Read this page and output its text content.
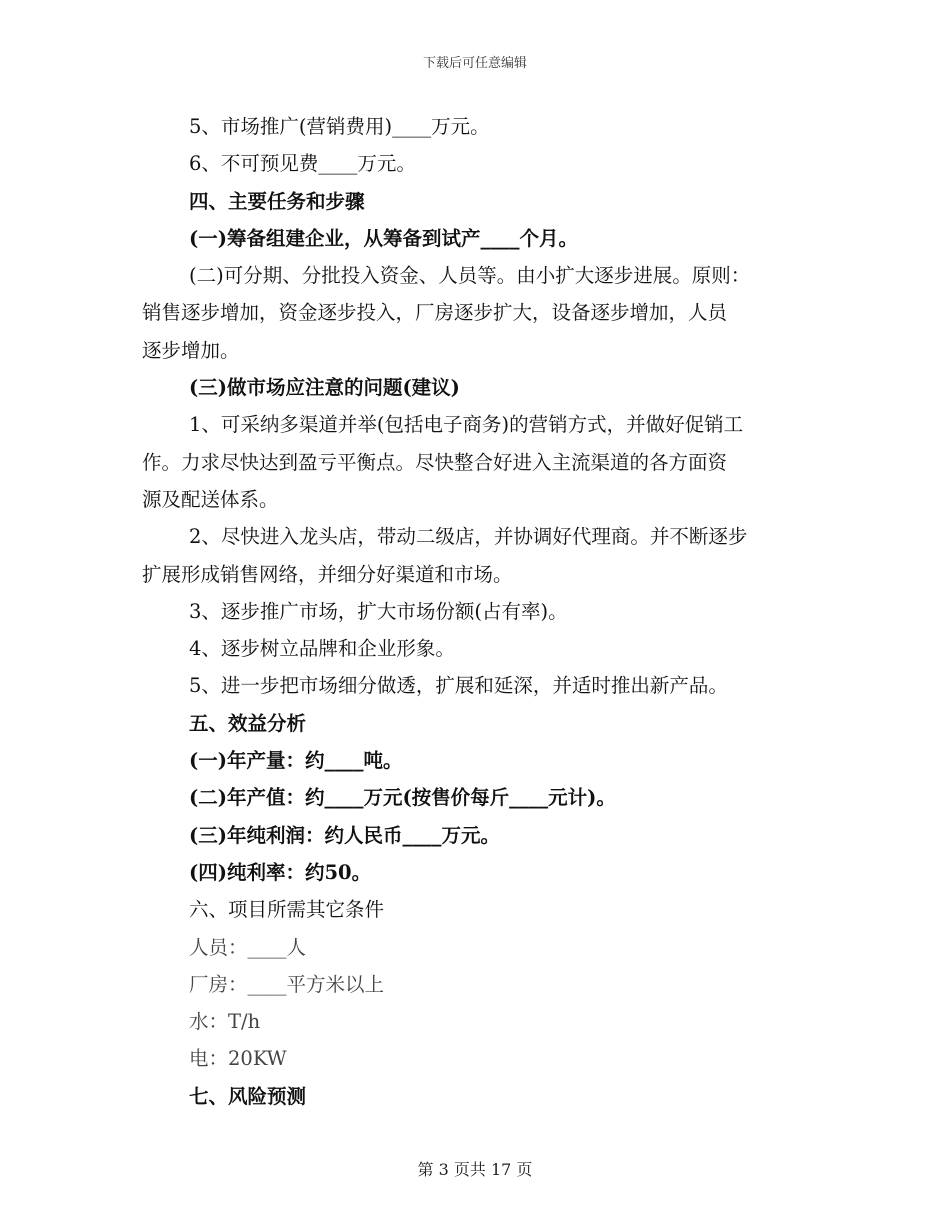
下载后可任意编辑
5、市场推广(营销费用)____万元。
6、不可预见费____万元。
四、主要任务和步骤
(一)筹备组建企业，从筹备到试产____个月。
(二)可分期、分批投入资金、人员等。由小扩大逐步进展。原则：
销售逐步增加，资金逐步投入，厂房逐步扩大，设备逐步增加，人员
逐步增加。
(三)做市场应注意的问题(建议)
1、可采纳多渠道并举(包括电子商务)的营销方式，并做好促销工
作。力求尽快达到盈亏平衡点。尽快整合好进入主流渠道的各方面资
源及配送体系。
2、尽快进入龙头店，带动二级店，并协调好代理商。并不断逐步
扩展形成销售网络，并细分好渠道和市场。
3、逐步推广市场，扩大市场份额(占有率)。
4、逐步树立品牌和企业形象。
5、进一步把市场细分做透，扩展和延深，并适时推出新产品。
五、效益分析
(一)年产量：约____吨。
(二)年产值：约____万元(按售价每斤____元计)。
(三)年纯利润：约人民币____万元。
(四)纯利率：约50。
六、项目所需其它条件
人员：____人
厂房：____平方米以上
水：T/h
电：20KW
七、风险预测
第 3 页共 17 页
